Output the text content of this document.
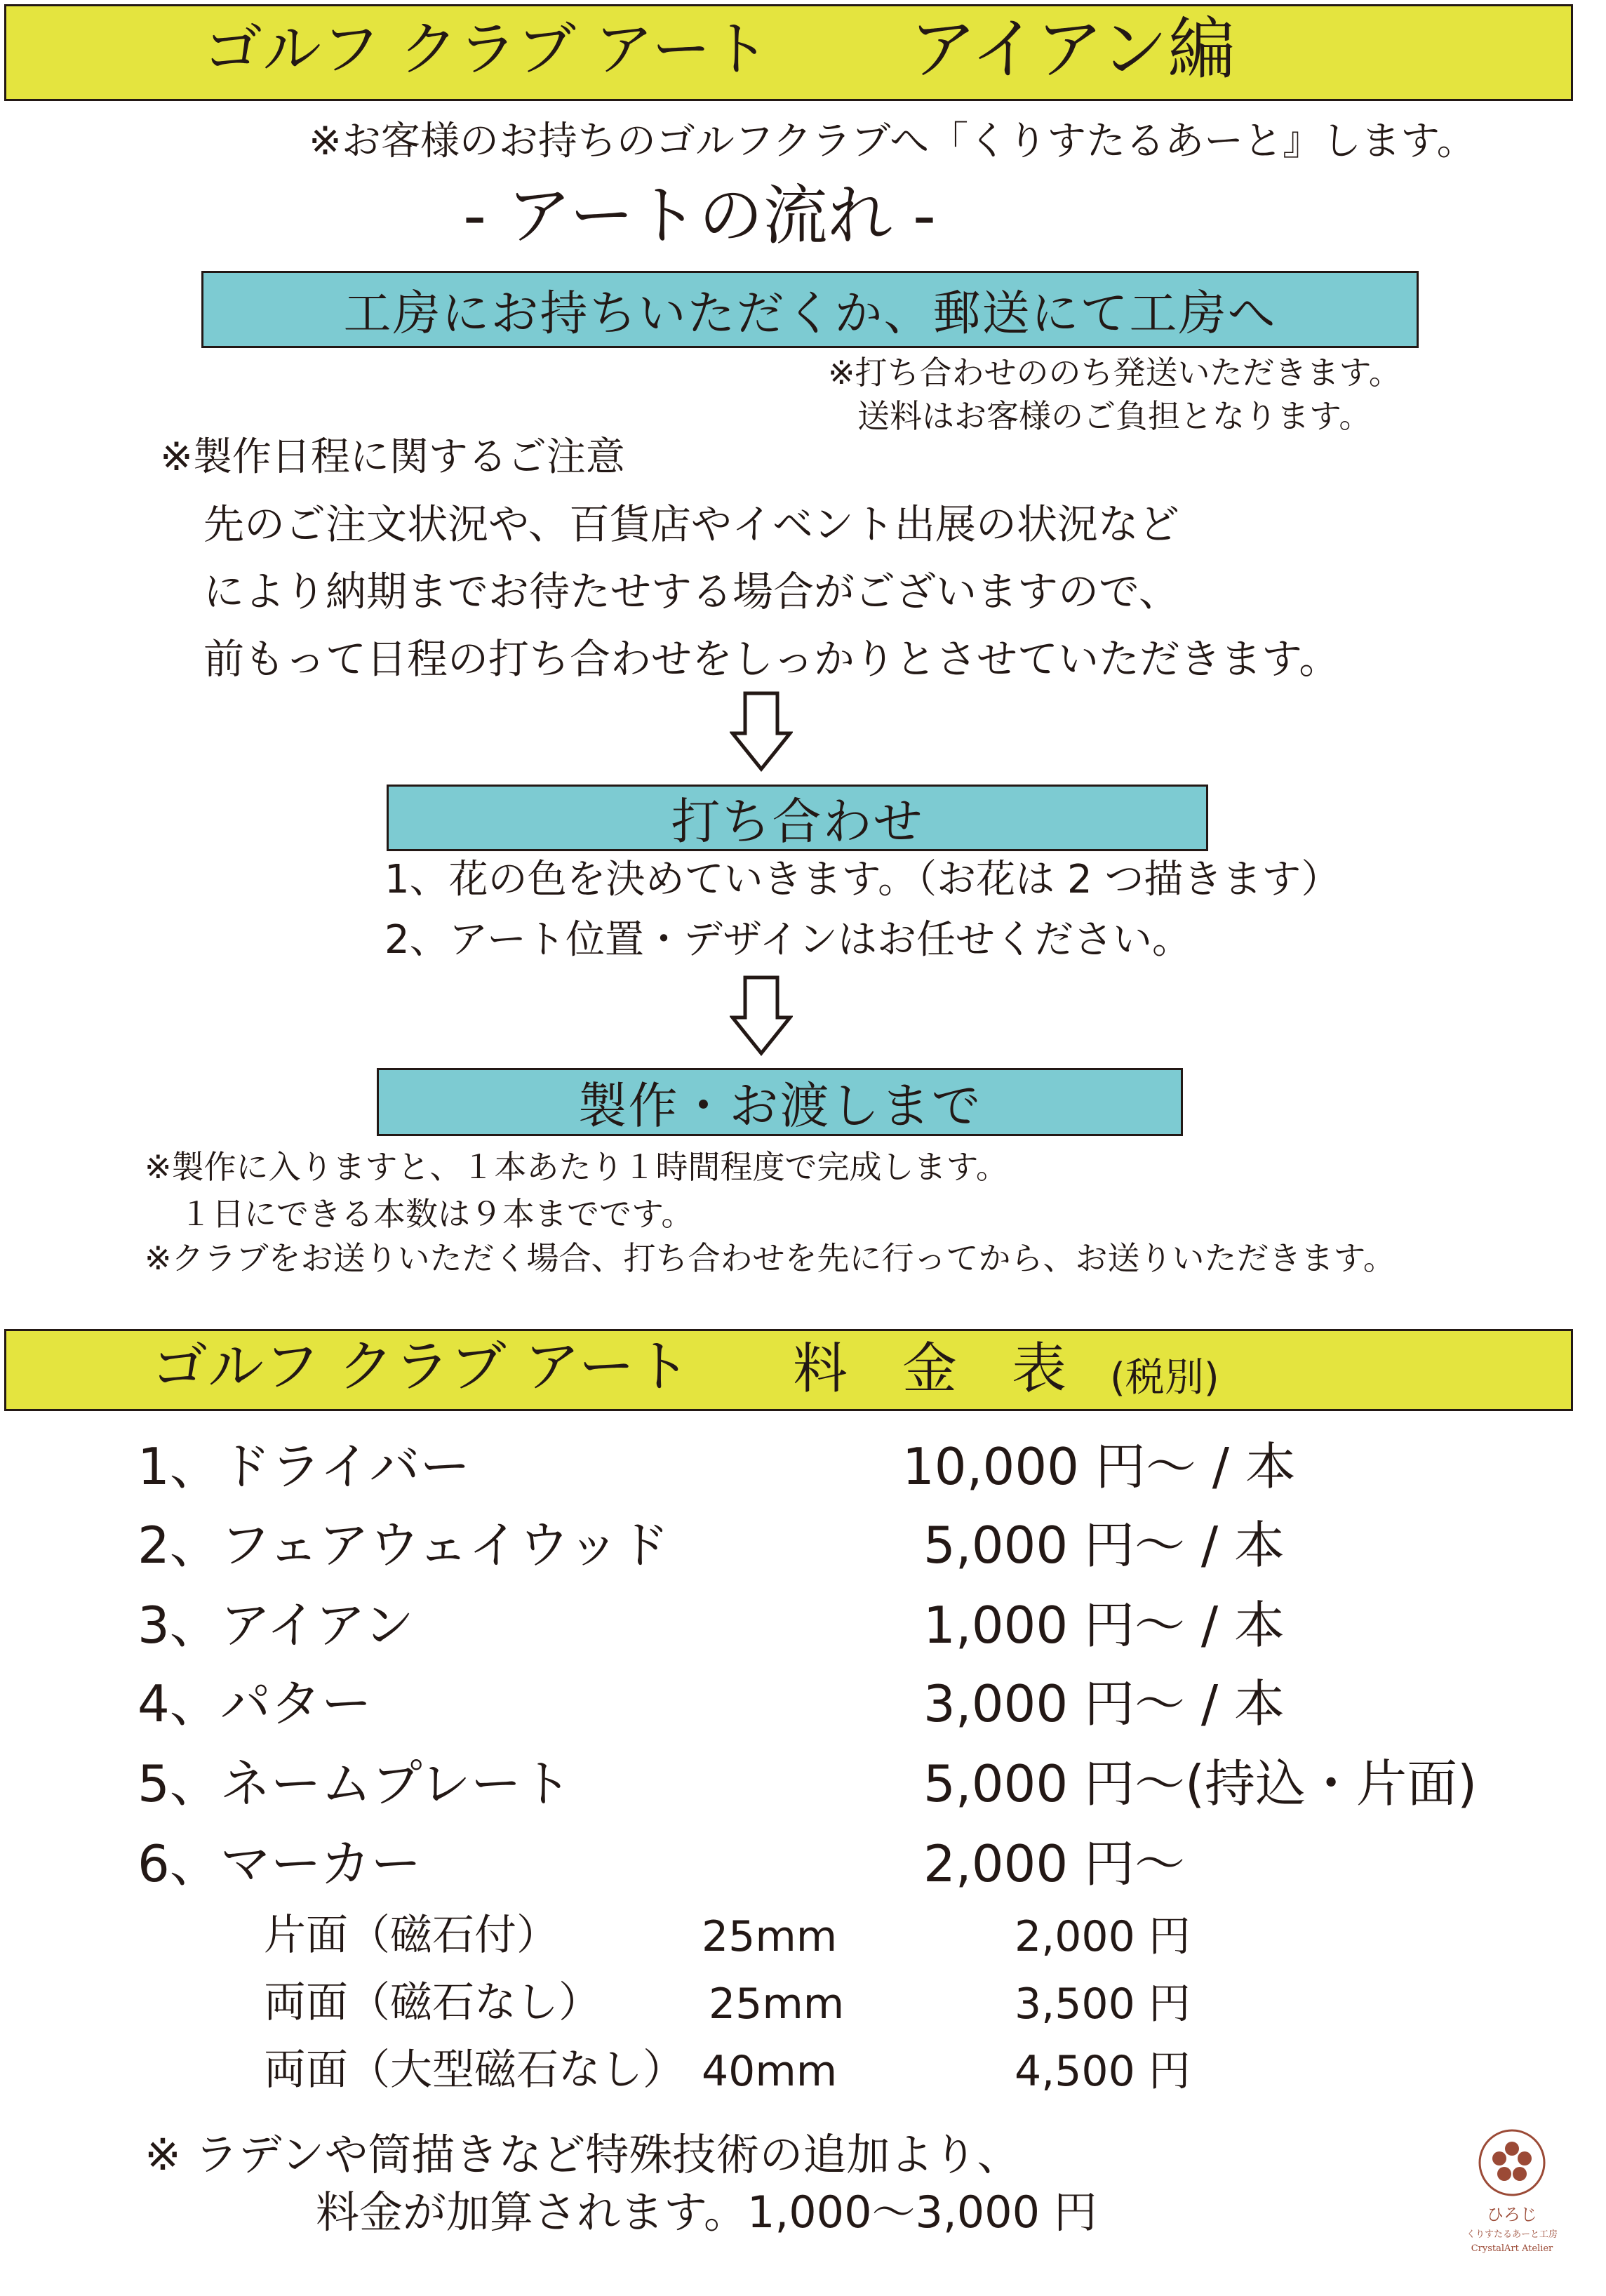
ゴルフ クラブ アート アイアン編
※お客様のお持ちのゴルフクラブへ「くりすたるあーと』します。
- アートの流れ -
工房にお持ちいただくか、郵送にて工房へ
※打ち合わせののち発送いただきます。
送料はお客様のご負担となります。
※製作日程に関するご注意
先のご注文状況や、百貨店やイベント出展の状況など
により納期までお待たせする場合がございますので、
前もって日程の打ち合わせをしっかりとさせていただきます。
打ち合わせ
1、花の色を決めていきます。（お花は 2 つ描きます）
2、アート位置・デザインはお任せください。
製作・お渡しまで
※製作に入りますと、１本あたり１時間程度で完成します。
１日にできる本数は９本までです。
※クラブをお送りいただく場合、打ち合わせを先に行ってから、お送りいただきます。
ゴルフ クラブ アート 料　金　表 (税別)
1、ドライバー	10,000 円〜 / 本
2、フェアウェイウッド	5,000 円〜 / 本
3、アイアン	1,000 円〜 / 本
4、パター	3,000 円〜 / 本
5、ネームプレート	5,000 円〜(持込・片面)
6、マーカー	2,000 円〜
片面（磁石付）	25mm	2,000 円
両面（磁石なし）	25mm	3,500 円
両面（大型磁石なし） 40mm	4,500 円
※ ラデンや筒描きなど特殊技術の追加より、
料金が加算されます。1,000〜3,000 円	ひろじ
くりすたるあーと工房
CrystalArt Atelier
